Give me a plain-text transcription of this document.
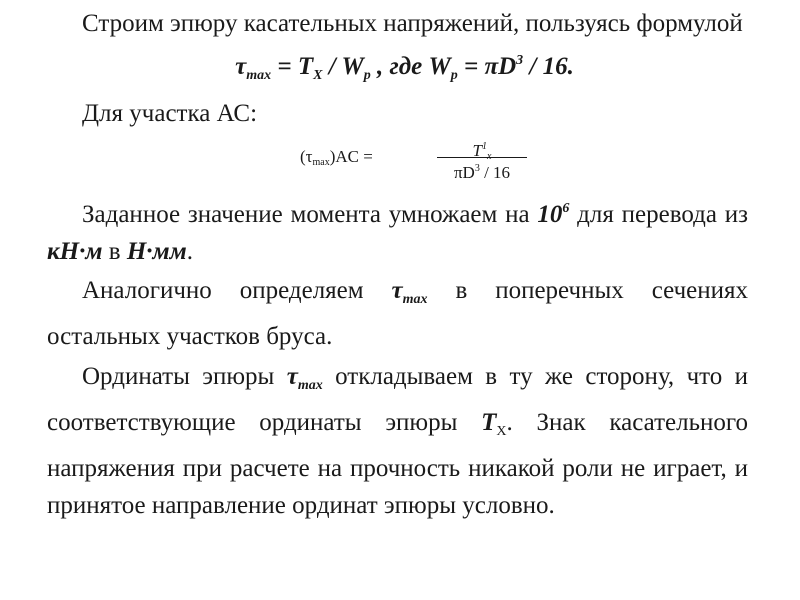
Строим эпюру касательных напряжений, пользуясь формулой

$\tau_{max} = T_X / W_p$ , где $W_p = \pi D^3 / 16$.

Для участка АС:

(τmax)AC =	$T^1x$
$\pi D^3 / 16$

Заданное значение момента умножаем на $10^6$ для перевода из кН·м в Н·мм.

Аналогично определяем $\tau_{max}$ в поперечных сечениях остальных участков бруса.

Ординаты эпюры $\tau_{max}$ откладываем в ту же сторону, что и соответствующие ординаты эпюры $Т_Х$. Знак касательного напряжения при расчете на прочность никакой роли не играет, и принятое направление ординат эпюры условно.
